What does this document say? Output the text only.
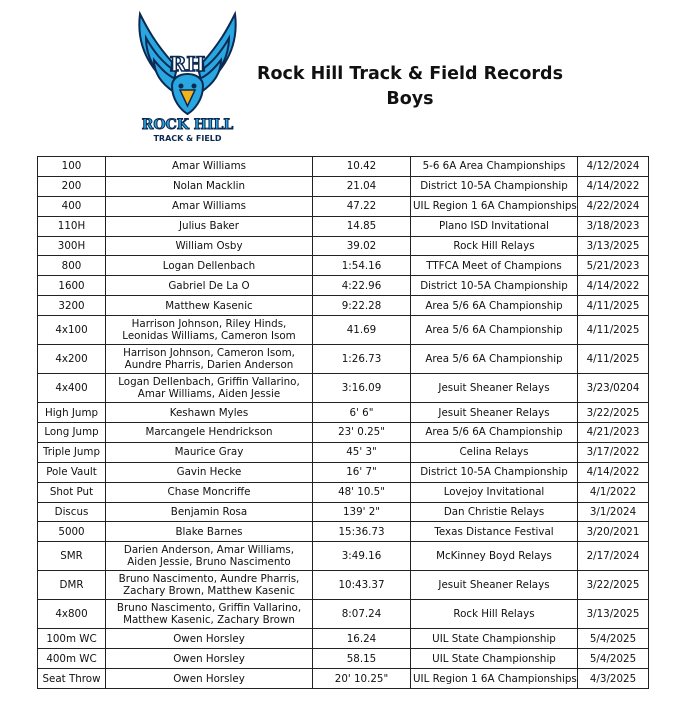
RH
ROCK HILL
TRACK & FIELD
Rock Hill Track & Field Records
Boys
100	Amar Williams	10.42	5-6 6A Area Championships	4/12/2024
200	Nolan Macklin	21.04	District 10-5A Championship	4/14/2022
400	Amar Williams	47.22	UIL Region 1 6A Championships	4/22/2024
110H	Julius Baker	14.85	Plano ISD Invitational	3/18/2023
300H	William Osby	39.02	Rock Hill Relays	3/13/2025
800	Logan Dellenbach	1:54.16	TTFCA Meet of Champions	5/21/2023
1600	Gabriel De La O	4:22.96	District 10-5A Championship	4/14/2022
3200	Matthew Kasenic	9:22.28	Area 5/6 6A Championship	4/11/2025
4x100	Harrison Johnson, Riley Hinds,
Leonidas Williams, Cameron Isom	41.69	Area 5/6 6A Championship	4/11/2025
4x200	Harrison Johnson, Cameron Isom,
Aundre Pharris, Darien Anderson	1:26.73	Area 5/6 6A Championship	4/11/2025
4x400	Logan Dellenbach, Griffin Vallarino,
Amar Williams, Aiden Jessie	3:16.09	Jesuit Sheaner Relays	3/23/0204
High Jump	Keshawn Myles	6' 6"	Jesuit Sheaner Relays	3/22/2025
Long Jump	Marcangele Hendrickson	23' 0.25"	Area 5/6 6A Championship	4/21/2023
Triple Jump	Maurice Gray	45' 3"	Celina Relays	3/17/2022
Pole Vault	Gavin Hecke	16' 7"	District 10-5A Championship	4/14/2022
Shot Put	Chase Moncriffe	48' 10.5"	Lovejoy Invitational	4/1/2022
Discus	Benjamin Rosa	139' 2"	Dan Christie Relays	3/1/2024
5000	Blake Barnes	15:36.73	Texas Distance Festival	3/20/2021
SMR	Darien Anderson, Amar Williams,
Aiden Jessie, Bruno Nascimento	3:49.16	McKinney Boyd Relays	2/17/2024
DMR	Bruno Nascimento, Aundre Pharris,
Zachary Brown, Matthew Kasenic	10:43.37	Jesuit Sheaner Relays	3/22/2025
4x800	Bruno Nascimento, Griffin Vallarino,
Matthew Kasenic, Zachary Brown	8:07.24	Rock Hill Relays	3/13/2025
100m WC	Owen Horsley	16.24	UIL State Championship	5/4/2025
400m WC	Owen Horsley	58.15	UIL State Championship	5/4/2025
Seat Throw	Owen Horsley	20' 10.25"	UIL Region 1 6A Championships	4/3/2025
